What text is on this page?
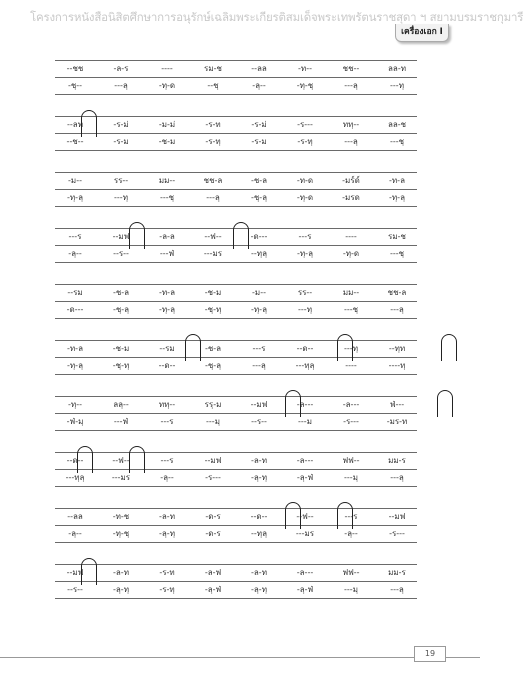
โครงการหนังสือนิสิตศึกษาการอนุรักษ์เฉลิมพระเกียรติสมเด็จพระเทพรัตนราชสุดา ฯ สยามบรมราชกุมารี
เครื่องเอก I
--ชช	-ล-ร	----	รม-ช	--ลล	-ท--	ชช--	ลล-ท
-ชฺ--	---ลฺ	-ทฺ-ด	--ชฺ	-ลฺ--	-ทฺ-ชฺ	---ลฺ	---ทฺ
--ลท	-ร-ม่	-ม-ม่	-ร-ท	-ร-ม่	-ร---	ททฺ--	ลล-ช
--ช--	-ร-ม	-ช-ม	-ร-ทฺ	-ร-ม	-ร-ทฺ	---ลฺ	---ชฺ
-ม--	รร--	มม--	ชช-ล	-ช-ล	-ท-ด	-มร์ด์	-ท-ล
-ทฺ-ลฺ	---ทฺ	---ชฺ	---ลฺ	-ชฺ-ลฺ	-ทฺ-ด	-มรด	-ทฺ-ลฺ
---ร	--มฟ	-ล-ล	--ฟ--	-ด---	---ร	----	รม-ช
-ลฺ--	--ร--	---ฟ่	---มร	--ทฺลฺ	-ทฺ-ลฺ	-ทฺ-ด	---ชฺ
--รม	-ช-ล	-ท-ล	-ช-ม	-ม--	รร--	มม--	ชช-ล
-ด---	-ชฺ-ลฺ	-ทฺ-ลฺ	-ชฺ-ทฺ	-ทฺ-ลฺ	---ทฺ	---ชฺ	---ลฺ
-ท-ล	-ช-ม	--รม	-ช-ล	---ร	--ด--	---ทฺ	--ทฺท
-ทฺ-ลฺ	-ชฺ-ทฺ	--ด--	-ชฺ-ลฺ	---ลฺ	---ทฺลฺ	----	----ทฺ
-ทฺ--	ลลฺ--	ททฺ--	รรฺ-ม	--มฟ	-ล---	-ล---	ฟ่---
-ฟ่-มฺ	---ฟ่	---ร	---มฺ	--ร--	---ม	-ร---	-มร-ท
--ด--	--ฟ--	---ร	--มฟ	-ล-ท	-ล---	ฟฟ--	มม-ร
---ทฺลฺ	---มร	-ลฺ--	-ร---	-ลฺ-ทฺ	-ลฺ-ฟ่	---มฺ	---ลฺ
--ลล	-ท-ช	-ล-ท	-ด-ร	--ด--	--ฟ--	---ร	--มฟ
-ลฺ--	-ทฺ-ชฺ	-ลฺ-ทฺ	-ด-ร	--ทฺลฺ	---มร	-ลฺ--	-ร---
--มฟ	-ล-ท	-ร-ท	-ล-ฟ	-ล-ท	-ล---	ฟฟ--	มม-ร
--ร--	-ลฺ-ทฺ	-ร-ทฺ	-ลฺ-ฟ่	-ลฺ-ทฺ	-ลฺ-ฟ่	---มฺ	---ลฺ
19
